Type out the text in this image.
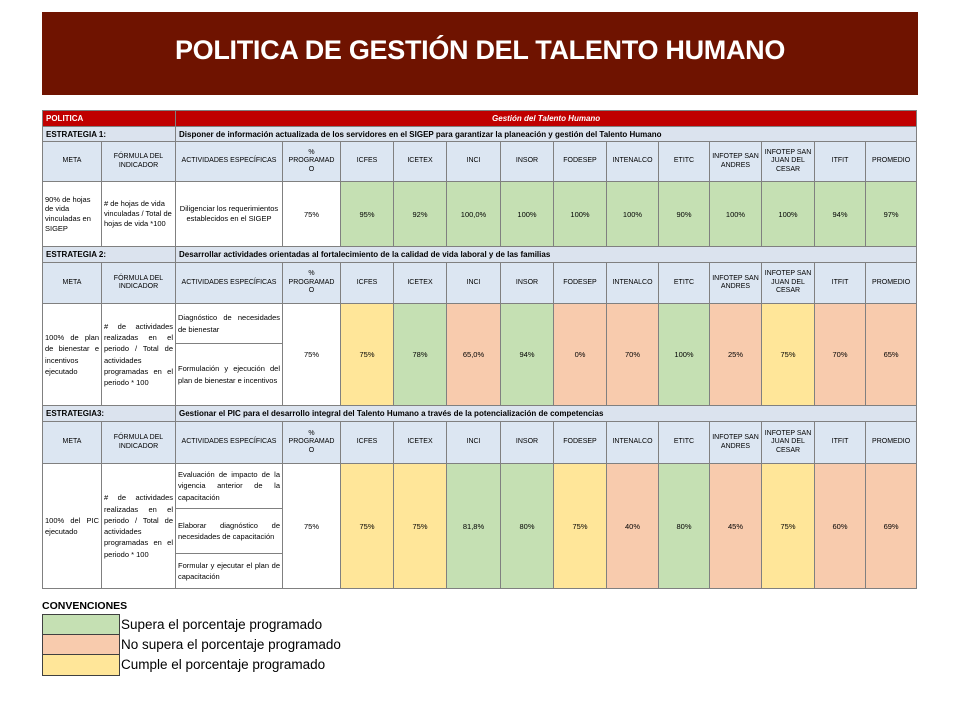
POLITICA DE GESTIÓN DEL TALENTO HUMANO
POLITICA		Gestión del Talento Humano												
ESTRATEGIA 1:		Disponer de información actualizada de los servidores en el SIGEP para garantizar la planeación y gestión del Talento Humano												
META	FÓRMULA DEL INDICADOR	ACTIVIDADES ESPECÍFICAS	% PROGRAMADO	ICFES	ICETEX	INCI	INSOR	FODESEP	INTENALCO	ETITC	INFOTEP SAN ANDRES	INFOTEP SAN JUAN DEL CESAR	ITFIT	PROMEDIO
90% de hojas de vida vinculadas en SIGEP	# de hojas de vida vinculadas / Total de hojas de vida *100	Diligenciar los requerimientos establecidos en el SIGEP	75%	95%	92%	100,0%	100%	100%	100%	90%	100%	100%	94%	97%
ESTRATEGIA 2:		Desarrollar actividades orientadas al fortalecimiento de la calidad de vida laboral y de las familias												
META	FÓRMULA DEL INDICADOR	ACTIVIDADES ESPECÍFICAS	% PROGRAMADO	ICFES	ICETEX	INCI	INSOR	FODESEP	INTENALCO	ETITC	INFOTEP SAN ANDRES	INFOTEP SAN JUAN DEL CESAR	ITFIT	PROMEDIO
100% de plan de bienestar e incentivos ejecutado	# de actividades realizadas en el periodo / Total de actividades programadas en el periodo * 100	Diagnóstico de necesidades de bienestar	75%	75%	78%	65,0%	94%	0%	70%	100%	25%	75%	70%	65%
		Formulación y ejecución del plan de bienestar e incentivos												
ESTRATEGIA3:		Gestionar el PIC para el desarrollo integral del Talento Humano a través de la potencialización de competencias												
META	FÓRMULA DEL INDICADOR	ACTIVIDADES ESPECÍFICAS	% PROGRAMADO	ICFES	ICETEX	INCI	INSOR	FODESEP	INTENALCO	ETITC	INFOTEP SAN ANDRES	INFOTEP SAN JUAN DEL CESAR	ITFIT	PROMEDIO
100% del PIC ejecutado	# de actividades realizadas en el periodo / Total de actividades programadas en el periodo * 100	Evaluación de impacto de la vigencia anterior de la capacitación	75%	75%	75%	81,8%	80%	75%	40%	80%	45%	75%	60%	69%
		Elaborar diagnóstico de necesidades de capacitación												
		Formular y ejecutar el plan de capacitación												
CONVENCIONES
Supera el porcentaje programado
No supera el porcentaje programado
Cumple el porcentaje programado
